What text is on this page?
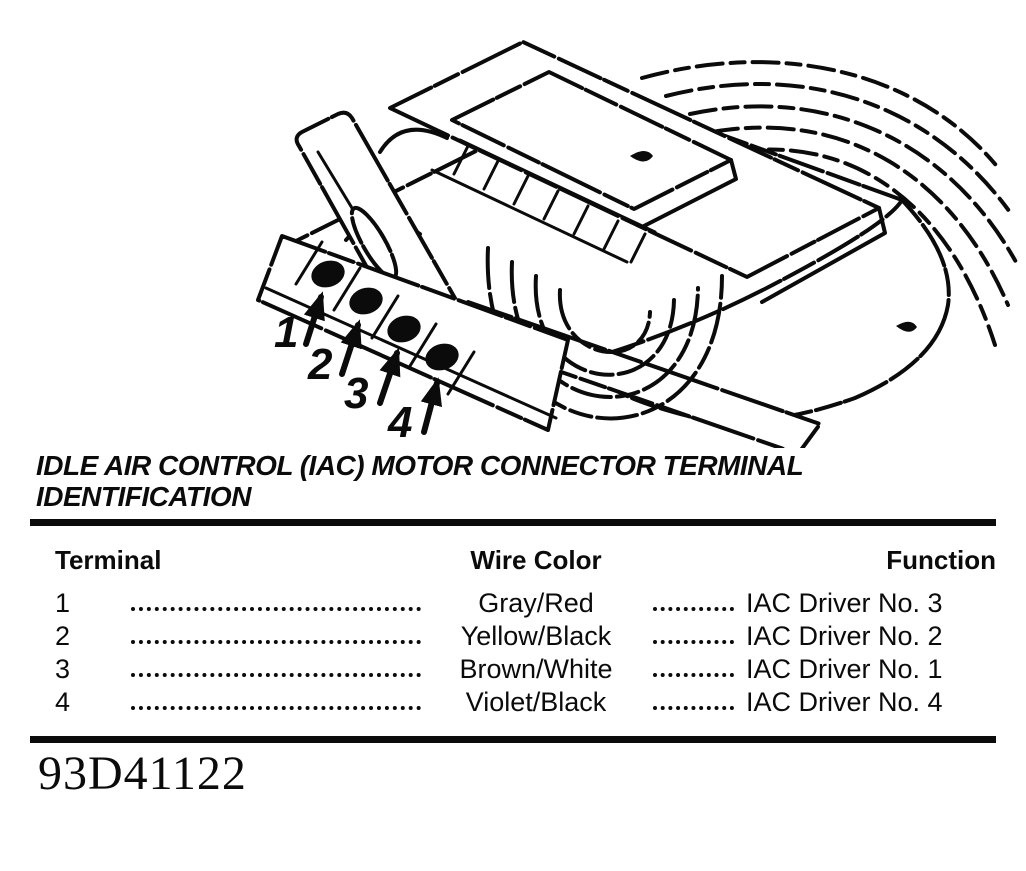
1
2
3
4
IDLE AIR CONTROL (IAC) MOTOR CONNECTOR TERMINAL
IDENTIFICATION
Terminal	Wire Color	Function
1	Gray/Red	IAC Driver No. 3
2	Yellow/Black	IAC Driver No. 2
3	Brown/White	IAC Driver No. 1
4	Violet/Black	IAC Driver No. 4
93D41122
